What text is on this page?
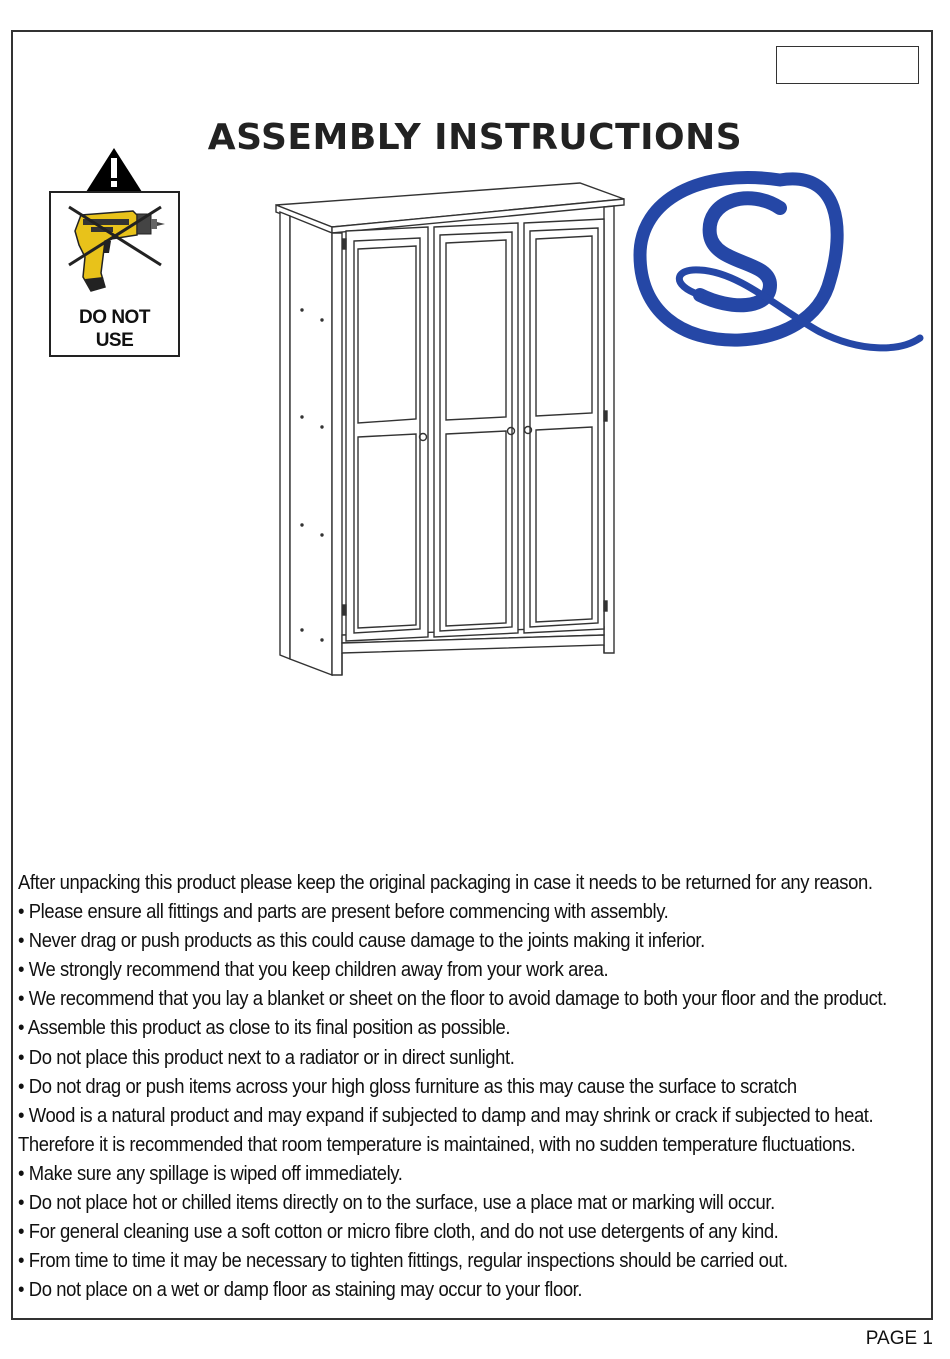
ASSEMBLY INSTRUCTIONS
DO NOT
USE
After unpacking this product please keep the original packaging in case it needs to be returned for any reason.
• Please ensure all fittings and parts are present before commencing with assembly.
• Never drag or push products as this could cause damage to the joints making it inferior.
• We strongly recommend that you keep children away from your work area.
• We recommend that you lay a blanket or sheet on the floor to avoid damage to both your floor and the product.
• Assemble this product as close to its final position as possible.
• Do not place this product next to a radiator or in direct sunlight.
• Do not drag or push items across your high gloss furniture as this may cause the surface to scratch
• Wood is a natural product and may expand if subjected to damp and may shrink or crack if subjected to heat.
Therefore it is recommended that room temperature is maintained, with no sudden temperature fluctuations.
• Make sure any spillage is wiped off immediately.
• Do not place hot or chilled items directly on to the surface, use a place mat or marking will occur.
• For general cleaning use a soft cotton or micro fibre cloth, and do not use detergents of any kind.
• From time to time it may be necessary to tighten fittings, regular inspections should be carried out.
• Do not place on a wet or damp floor as staining may occur to your floor.
PAGE 1
